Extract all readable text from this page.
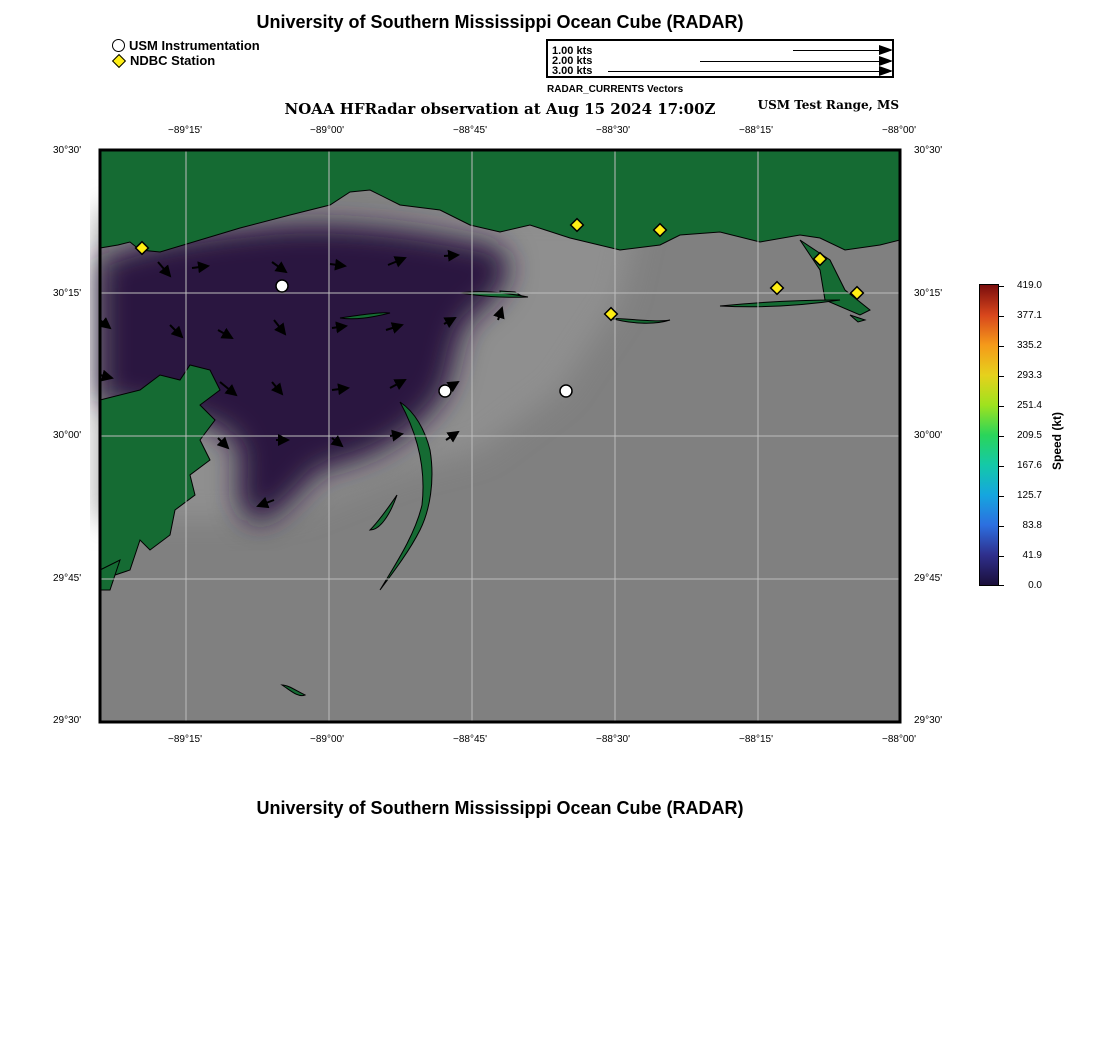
University of Southern Mississippi Ocean Cube (RADAR)
USM Instrumentation
NDBC Station
1.00 kts
2.00 kts
3.00 kts
RADAR_CURRENTS Vectors
NOAA HFRadar observation at Aug 15 2024 17:00Z	USM Test Range, MS
−89°15'	−89°00'	−88°45'	−88°30'	−88°15'	−88°00'
−89°15'	−89°00'	−88°45'	−88°30'	−88°15'	−88°00'
30°30'
30°15'
30°00'
29°45'
29°30'
30°30'
30°15'
30°00'
29°45'
29°30'
419.0
377.1
335.2
293.3
251.4
209.5
167.6
125.7
83.8
41.9
0.0
Speed (kt)
University of Southern Mississippi Ocean Cube (RADAR)
